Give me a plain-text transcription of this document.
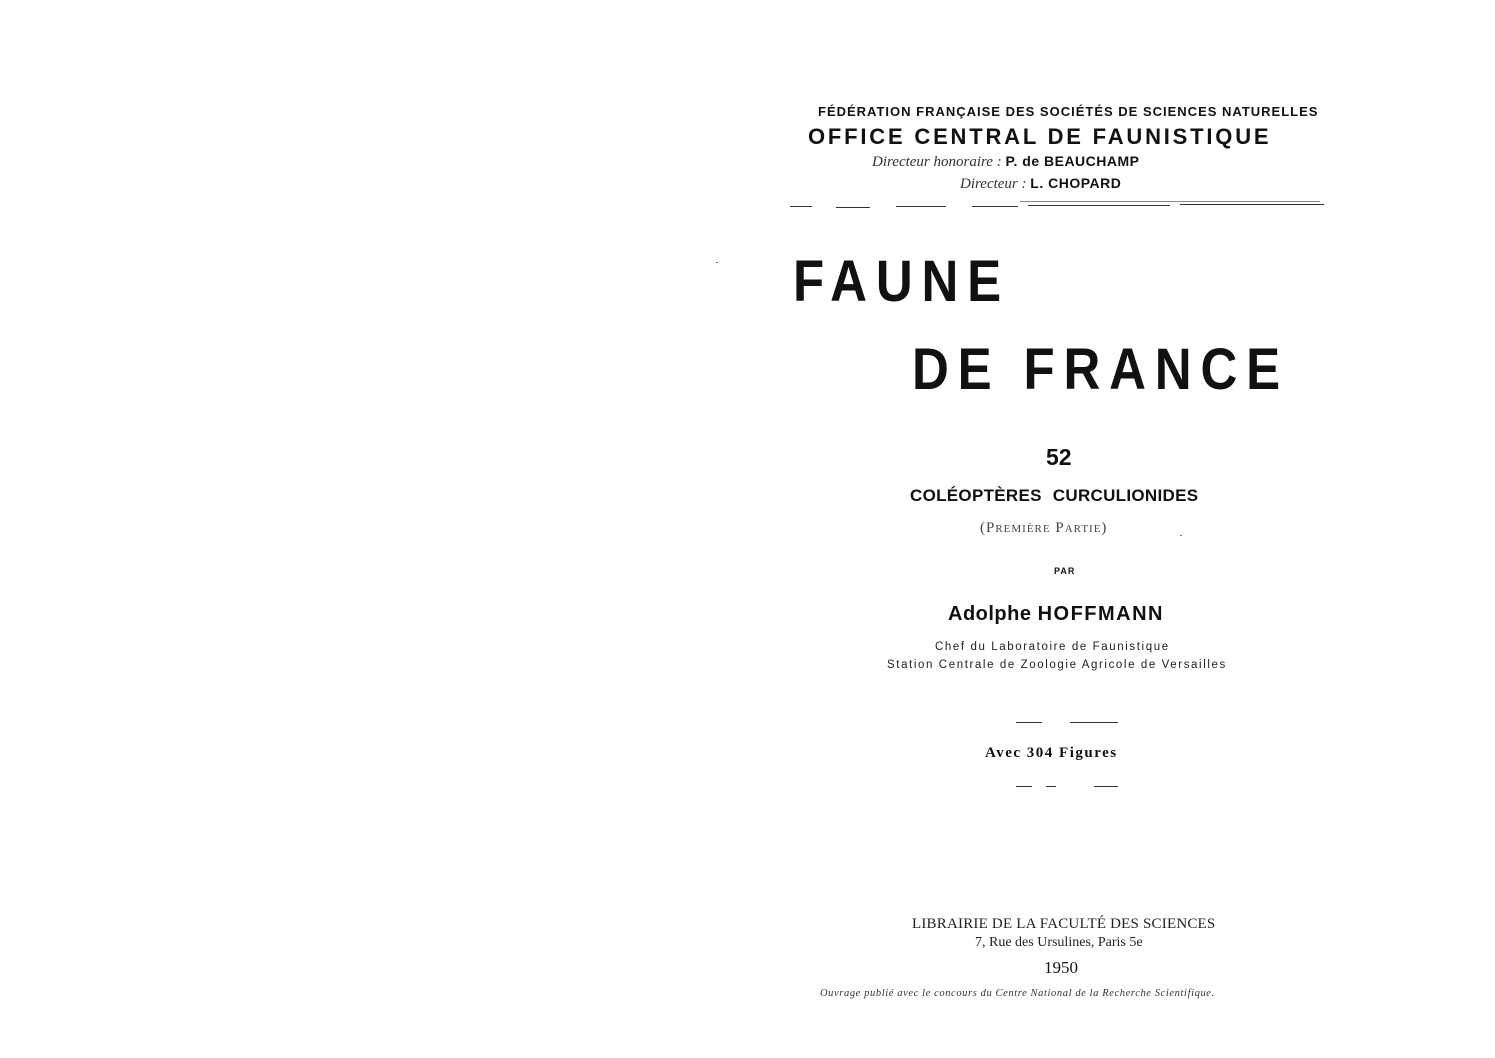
FÉDÉRATION FRANÇAISE DES SOCIÉTÉS DE SCIENCES NATURELLES
OFFICE CENTRAL DE FAUNISTIQUE
Directeur honoraire : P. de BEAUCHAMP
Directeur : L. CHOPARD
FAUNE
DE FRANCE
52
COLÉOPTÈRES CURCULIONIDES
(Première Partie)
PAR
Adolphe HOFFMANN
Chef du Laboratoire de Faunistique
Station Centrale de Zoologie Agricole de Versailles
Avec 304 Figures
LIBRAIRIE DE LA FACULTÉ DES SCIENCES
7, Rue des Ursulines, Paris 5e
1950
Ouvrage publié avec le concours du Centre National de la Recherche Scientifique.
